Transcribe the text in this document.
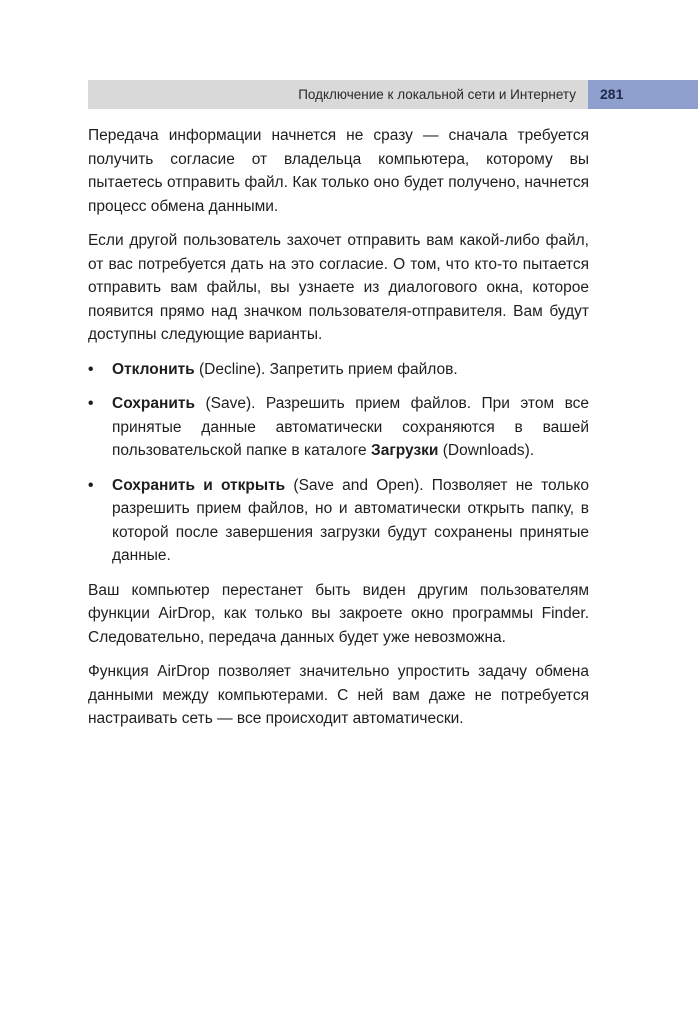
Подключение к локальной сети и Интернету 281

Передача информации начнется не сразу — сначала требуется получить согласие от владельца компьютера, которому вы пытаетесь отправить файл. Как только оно будет получено, начнется процесс обмена данными.

Если другой пользователь захочет отправить вам какой-либо файл, от вас потребуется дать на это согласие. О том, что кто-то пытается отправить вам файлы, вы узнаете из диалогового окна, которое появится прямо над значком пользователя-отправителя. Вам будут доступны следующие варианты.

• Отклонить (Decline). Запретить прием файлов.
• Сохранить (Save). Разрешить прием файлов. При этом все принятые данные автоматически сохраняются в вашей пользовательской папке в каталоге Загрузки (Downloads).
• Сохранить и открыть (Save and Open). Позволяет не только разрешить прием файлов, но и автоматически открыть папку, в которой после завершения загрузки будут сохранены принятые данные.

Ваш компьютер перестанет быть виден другим пользователям функции AirDrop, как только вы закроете окно программы Finder. Следовательно, передача данных будет уже невозможна.

Функция AirDrop позволяет значительно упростить задачу обмена данными между компьютерами. С ней вам даже не потребуется настраивать сеть — все происходит автоматически.
